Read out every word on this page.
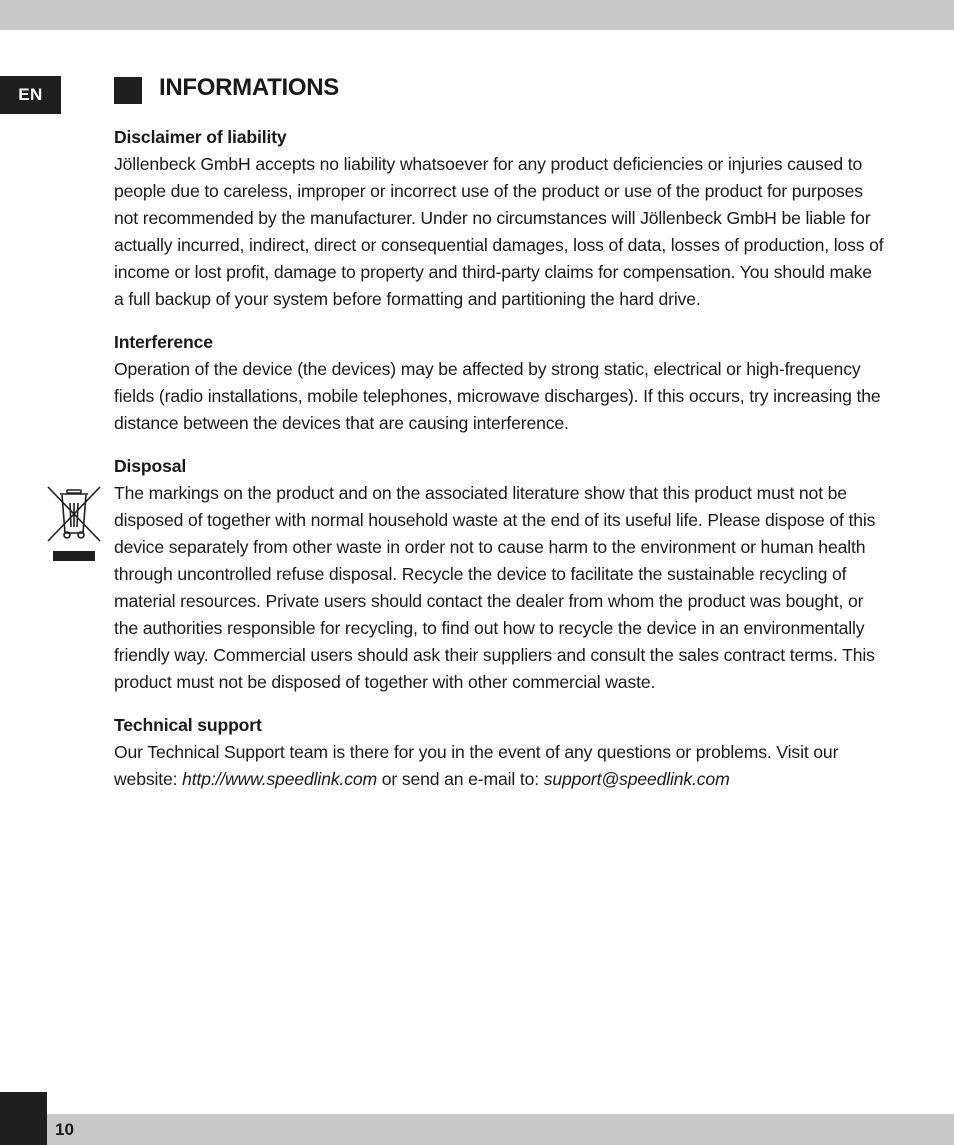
EN	INFORMATIONS
Disclaimer of liability

Jöllenbeck GmbH accepts no liability whatsoever for any product deficiencies or injuries caused to people due to careless, improper or incorrect use of the product or use of the product for purposes not recommended by the manufacturer. Under no circumstances will Jöllenbeck GmbH be liable for actually incurred, indirect, direct or consequential damages, loss of data, losses of production, loss of income or lost profit, damage to property and third-party claims for compensation. You should make a full backup of your system before formatting and partitioning the hard drive.

Interference

Operation of the device (the devices) may be affected by strong static, electrical or high-frequency fields (radio installations, mobile telephones, microwave discharges). If this occurs, try increasing the distance between the devices that are causing interference.

Disposal

The markings on the product and on the associated literature show that this product must not be disposed of together with normal household waste at the end of its useful life. Please dispose of this device separately from other waste in order not to cause harm to the environment or human health through uncontrolled refuse disposal. Recycle the device to facilitate the sustainable recycling of material resources. Private users should contact the dealer from whom the product was bought, or the authorities responsible for recycling, to find out how to recycle the device in an environmentally friendly way. Commercial users should ask their suppliers and consult the sales contract terms. This product must not be disposed of together with other commercial waste.

Technical support

Our Technical Support team is there for you in the event of any questions or problems. Visit our website: http://www.speedlink.com or send an e-mail to: support@speedlink.com

10
